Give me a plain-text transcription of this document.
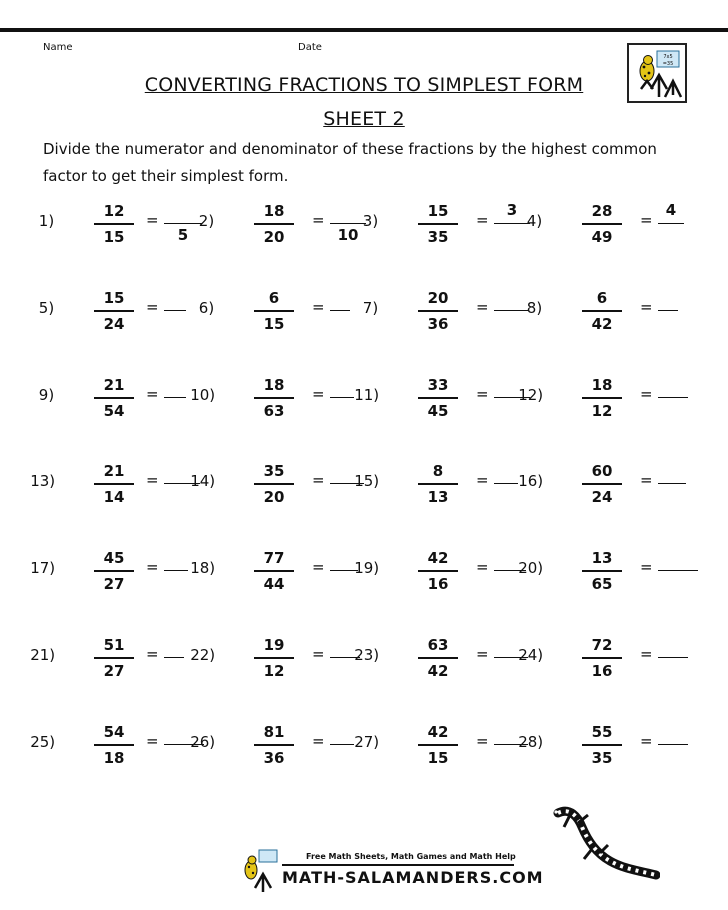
Name	Date
7x5
=35
CONVERTING FRACTIONS TO SIMPLEST FORM
SHEET 2
Divide the numerator and denominator of these fractions by the highest common factor to get their simplest form.
1)
12
15
=
5
2)
18
20
=
10
3)
15
35
=
3
4)
28
49
=
4
5)
15
24
=	6)
6
15
=	7)
20
36
=	8)
6
42
=
9)
21
54
= 10)
18
63
= 11)
33
45
= 12)
18
12
=
13)
21
14
= 14)
35
20
= 15)
8
13
= 16)
60
24
=
17)
45
27
= 18)
77
44
= 19)
42
16
= 20)
13
65
=
21)
51
27
= 22)
19
12
= 23)
63
42
= 24)
72
16
=
25)
54
18
= 26)
81
36
= 27)
42
15
= 28)
55
35
=
Free Math Sheets, Math Games and Math Help
MATH-SALAMANDERS.COM
